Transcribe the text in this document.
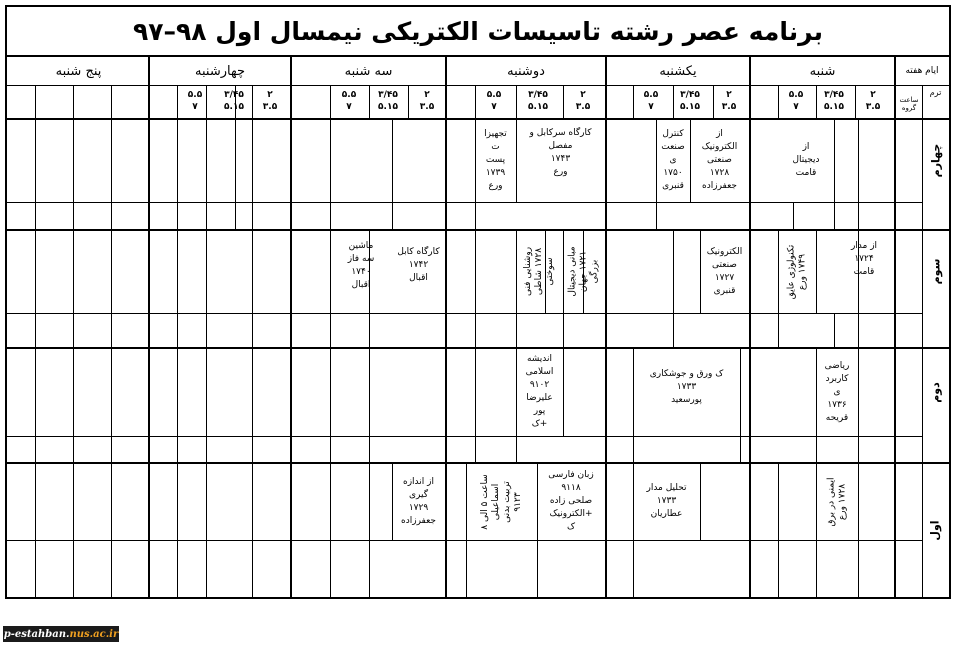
برنامه عصر رشته تاسیسات الکتریکی نیمسال اول ۹۸–۹۷
شنبه
یکشنبه
دوشنبه
سه شنبه
چهارشنبه
پنج شنبه	ایام هفته
ترم
ساعت
گروه
۲
۳.۵
۳/۴۵
۵.۱۵
۵.۵
۷
۲
۳.۵
۳/۴۵
۵.۱۵
۵.۵
۷
۲
۳.۵
۳/۴۵
۵.۱۵
۵.۵
۷
۲
۳.۵
۳/۴۵
۵.۱۵
۵.۵
۷
۲
۳.۵
۳/۴۵
۵.۱۵
۵.۵
۷
چهارم
سوم
دوم
اول
از
دیجیتال
قامت
از
الکترونیک
صنعتی
۱۷۲۸
جعفرزاده
کنترل
صنعت
ی
۱۷۵۰
قنبری
کارگاه سرکابل و
مفصل
۱۷۴۳
ورع
تجهیزا
ت
پست
۱۷۳۹
ورع
از مدار
۱۷۲۴
قامت
تکنولوژی عایق
۱۷۴۹ ورع
الکترونیک
صنعتی
۱۷۲۷
قنبری
مبانی دیجیتال
۱۷۲۱ جهان
بزرگی
روشنایی فنی
۱۷۲۸ شاطی
سوختی
کارگاه کابل
۱۷۴۲
اقبال
ماشین
سه فاز
۱۷۴۰
اقبال
ریاضی
کاربرد
ی
۱۷۳۶
قریحه
ک ورق و جوشکاری
۱۷۳۳
پورسعید
اندیشه
اسلامی
۹۱۰۲
علیرضا
پور
+ک
ایمنی در برق
۱۷۲۸ ورع
تحلیل مدار
۱۷۳۳
عطاریان
زبان فارسی
۹۱۱۸
صلحی زاده
+الکترونیک
ک
ساعت ۵ الی ۸
اسماعیلی
تربیت بدنی
۹۱۲۳
از اندازه
گیری
۱۷۲۹
جعفرزاده
p-estahban. nus.ac.ir
